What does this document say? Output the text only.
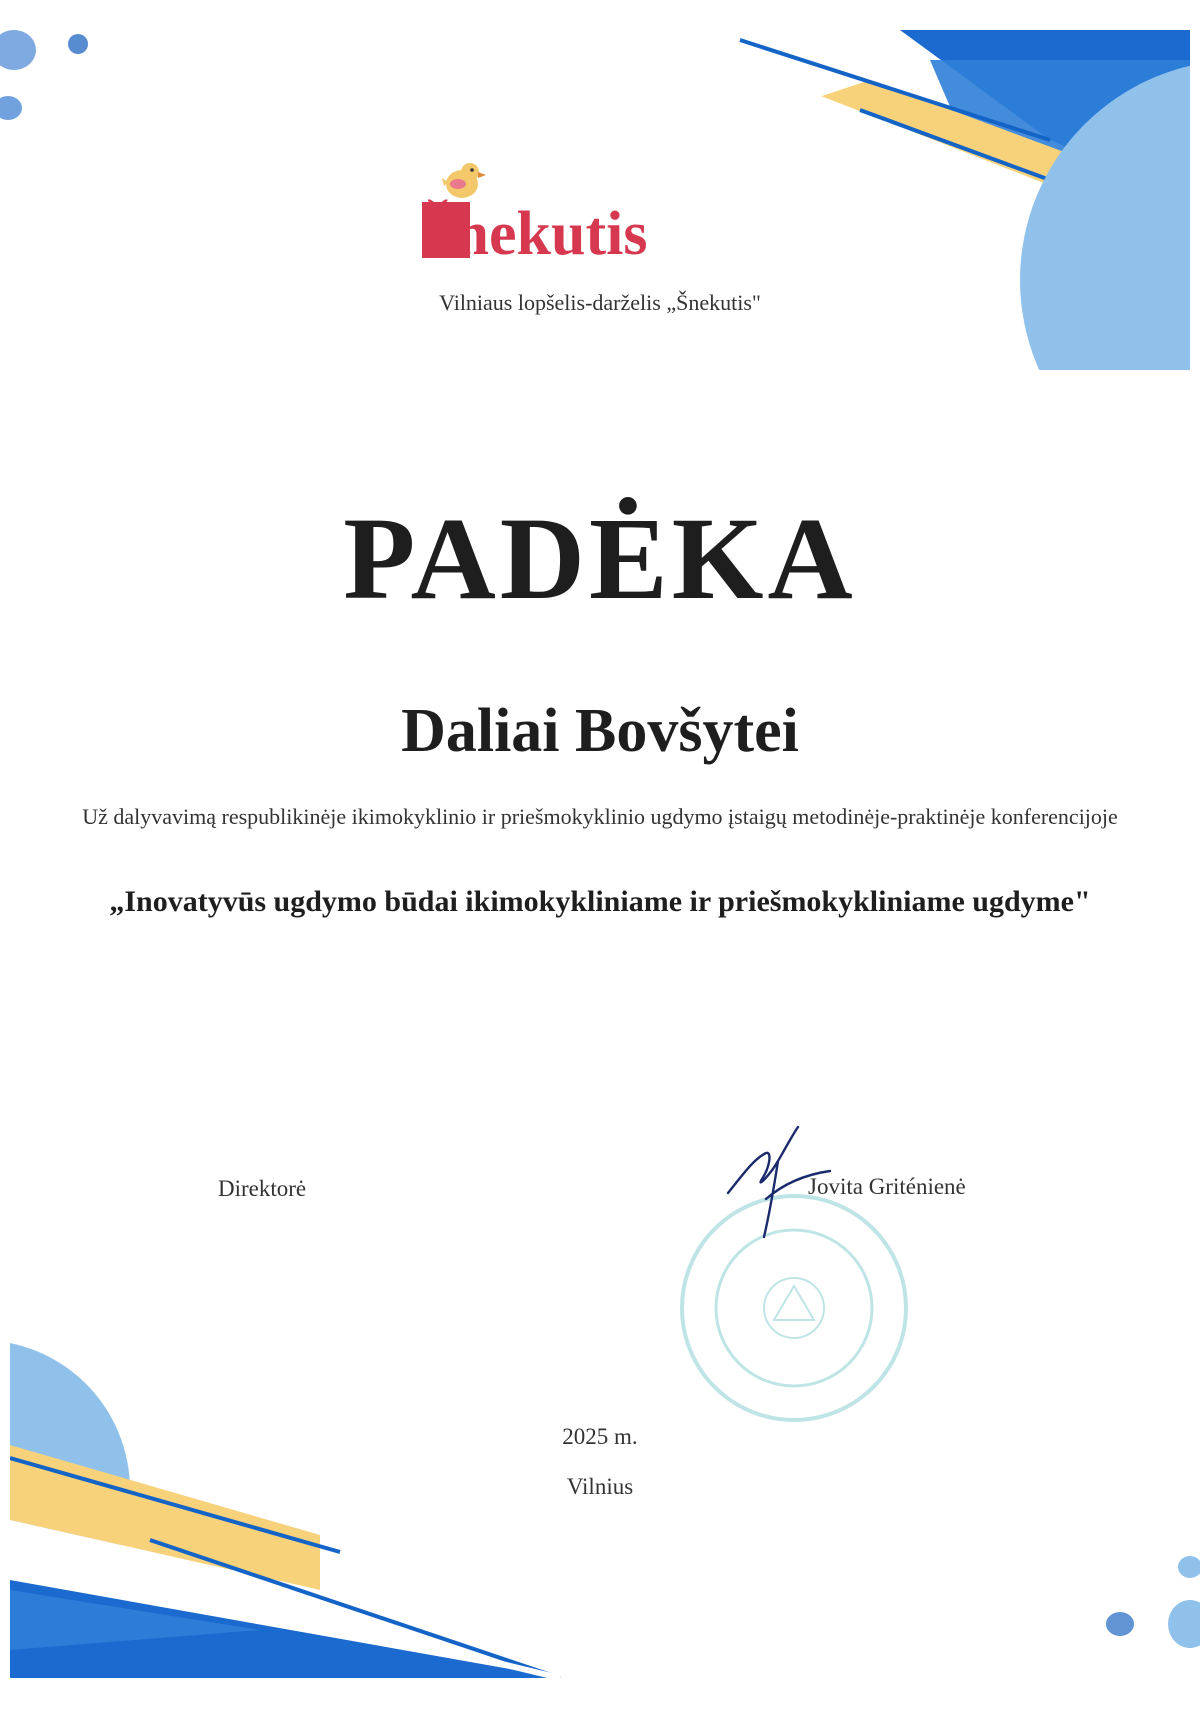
Šnekutis
Vilniaus lopšelis-darželis „Šnekutis"
PADĖKA
Daliai Bovšytei
Už dalyvavimą respublikinėje ikimokyklinio ir priešmokyklinio ugdymo įstaigų metodinėje-praktinėje konferencijoje
„Inovatyvūs ugdymo būdai ikimokykliniame ir priešmokykliniame ugdyme"
Direktorė	Jovita Griténienė
2025 m.
Vilnius
